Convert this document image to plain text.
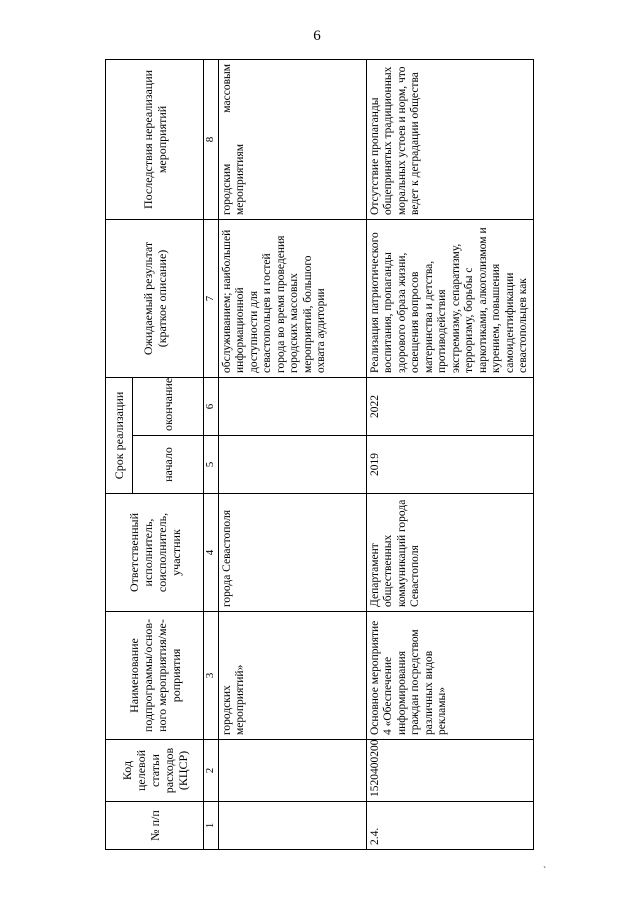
6
№ п/п	Код целевой статьи расходов (КЦСР)	Наименование подпрограммы/основ-ного мероприятия/ме-роприятия	Ответственный исполнитель, соисполнитель, участник	Срок реализации		Ожидаемый результат (краткое описание)	Последствия нереализации мероприятий
				начало	окончание		
1	2	3	4	5	6	7	8
		городских мероприятий»	города Севастополя			обслуживанием; наибольшей информационной доступности для севастопольцев и гостей города во время проведения городских массовых мероприятий, большого охвата аудитории	городским массовым мероприятиям
2.4.	1520400200	Основное мероприятие 4 «Обеспечение информирования граждан посредством различных видов рекламы»	Департамент общественных коммуникаций города Севастополя	2019	2022	Реализация патриотического воспитания, пропаганды здорового образа жизни, освещения вопросов материнства и детства, противодействия экстремизму, сепаратизму, терроризму, борьбы с наркотиками, алкоголизмом и курением, повышения самоидентификации севастопольцев как	Отсутствие пропаганды общепринятых традиционных моральных устоев и норм, что ведет к деградации общества
`
